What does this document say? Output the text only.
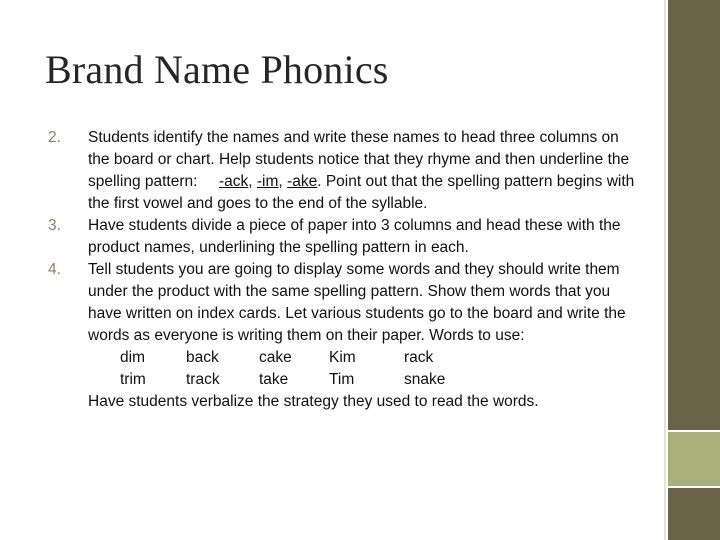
Brand Name Phonics
2. Students identify the names and write these names to head three columns on the board or chart. Help students notice that they rhyme and then underline the spelling pattern:     -ack, -im, -ake. Point out that the spelling pattern begins with the first vowel and goes to the end of the syllable.
3. Have students divide a piece of paper into 3 columns and head these with the product names, underlining the spelling pattern in each.
4. Tell students you are going to display some words and they should write them under the product with the same spelling pattern. Show them words that you have written on index cards. Let various students go to the board and write the words as everyone is writing them on their paper. Words to use:
dim	back	cake	Kim	rack
trim	track	take	Tim	snake
Have students verbalize the strategy they used to read the words.
